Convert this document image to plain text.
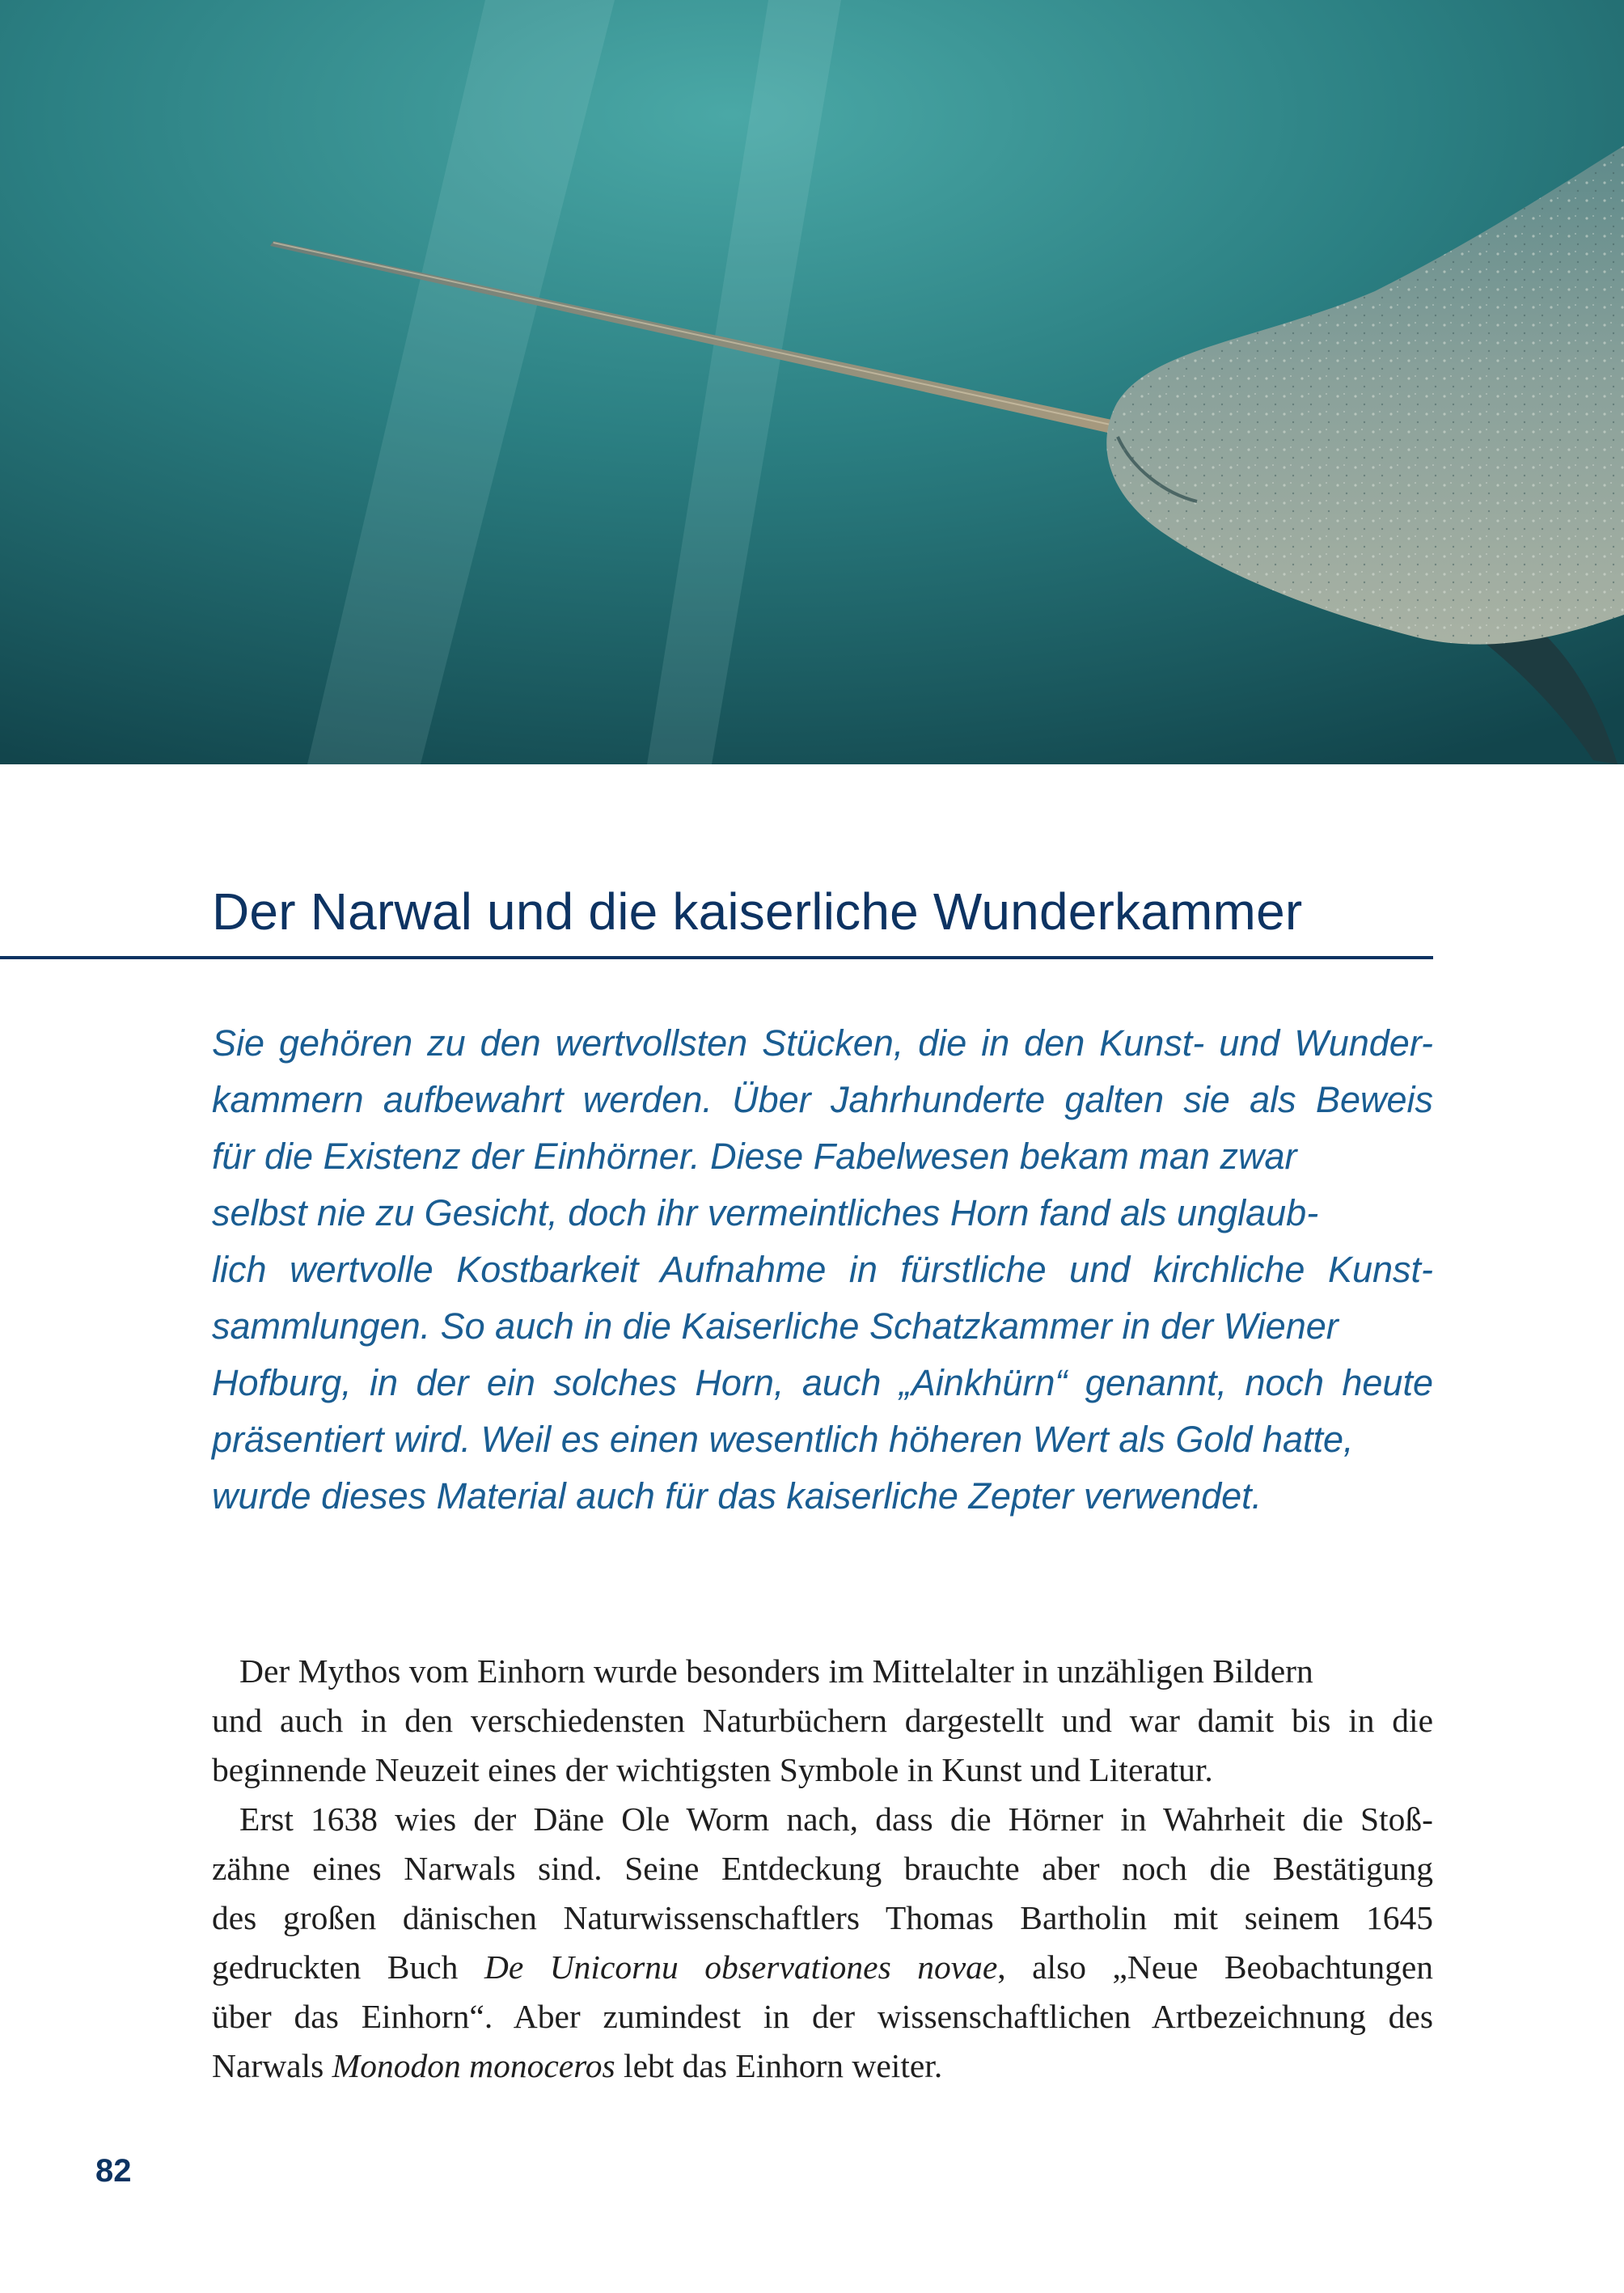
Der Narwal und die kaiserliche Wunderkammer
Sie gehören zu den wertvollsten Stücken, die in den Kunst- und Wunder-
kammern aufbewahrt werden. Über Jahrhunderte galten sie als Beweis
für die Existenz der Einhörner. Diese Fabelwesen bekam man zwar
selbst nie zu Gesicht, doch ihr vermeintliches Horn fand als unglaub-
lich wertvolle Kostbarkeit Aufnahme in fürstliche und kirchliche Kunst-
sammlungen. So auch in die Kaiserliche Schatzkammer in der Wiener
Hofburg, in der ein solches Horn, auch „Ainkhürn“ genannt, noch heute
präsentiert wird. Weil es einen wesentlich höheren Wert als Gold hatte,
wurde dieses Material auch für das kaiserliche Zepter verwendet.
Der Mythos vom Einhorn wurde besonders im Mittelalter in unzähligen Bildern
und auch in den verschiedensten Naturbüchern dargestellt und war damit bis in die
beginnende Neuzeit eines der wichtigsten Symbole in Kunst und Literatur.
Erst 1638 wies der Däne Ole Worm nach, dass die Hörner in Wahrheit die Stoß-
zähne eines Narwals sind. Seine Entdeckung brauchte aber noch die Bestätigung
des großen dänischen Naturwissenschaftlers Thomas Bartholin mit seinem 1645
gedruckten Buch De Unicornu observationes novae, also „Neue Beobachtungen
über das Einhorn“. Aber zumindest in der wissenschaftlichen Artbezeichnung des
Narwals Monodon monoceros lebt das Einhorn weiter.
82
